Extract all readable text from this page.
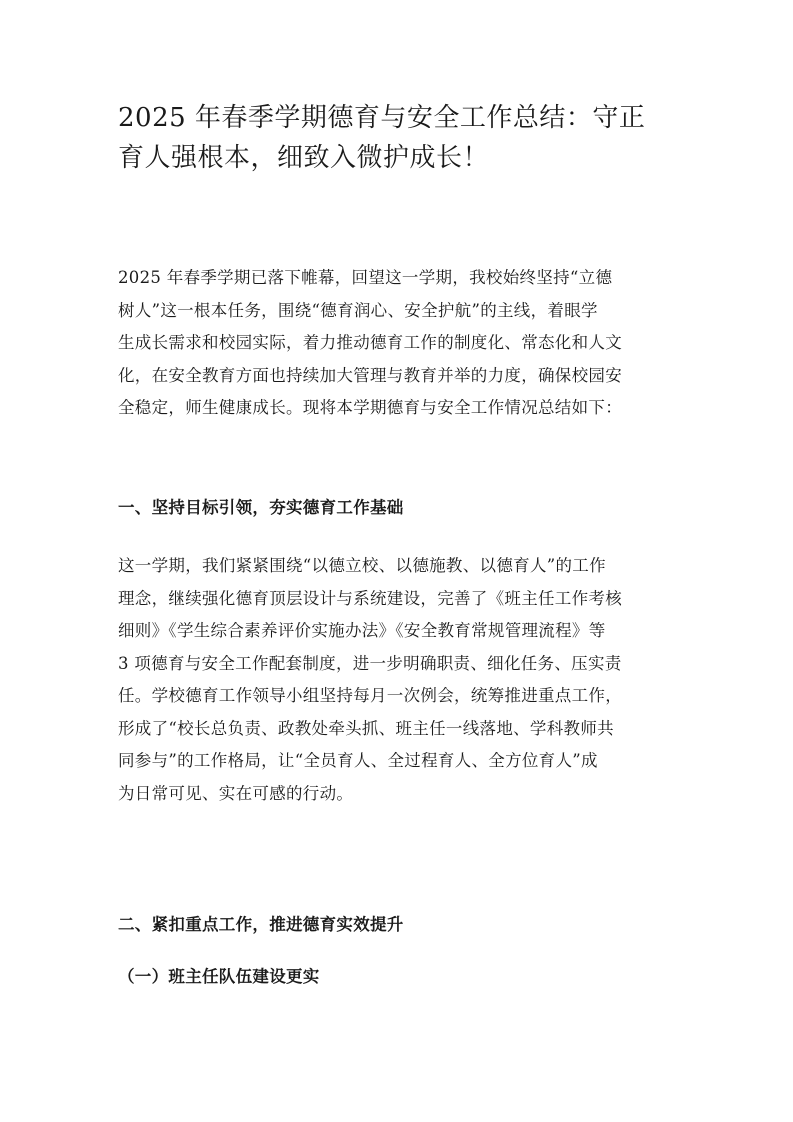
2025 年春季学期德育与安全工作总结：守正
育人强根本，细致入微护成长！

2025 年春季学期已落下帷幕，回望这一学期，我校始终坚持“立德
树人”这一根本任务，围绕“德育润心、安全护航”的主线，着眼学
生成长需求和校园实际，着力推动德育工作的制度化、常态化和人文
化，在安全教育方面也持续加大管理与教育并举的力度，确保校园安
全稳定，师生健康成长。现将本学期德育与安全工作情况总结如下：

一、坚持目标引领，夯实德育工作基础

这一学期，我们紧紧围绕“以德立校、以德施教、以德育人”的工作
理念，继续强化德育顶层设计与系统建设，完善了《班主任工作考核
细则》《学生综合素养评价实施办法》《安全教育常规管理流程》等
3 项德育与安全工作配套制度，进一步明确职责、细化任务、压实责
任。学校德育工作领导小组坚持每月一次例会，统筹推进重点工作，
形成了“校长总负责、政教处牵头抓、班主任一线落地、学科教师共
同参与”的工作格局，让“全员育人、全过程育人、全方位育人”成
为日常可见、实在可感的行动。

二、紧扣重点工作，推进德育实效提升
（一）班主任队伍建设更实
